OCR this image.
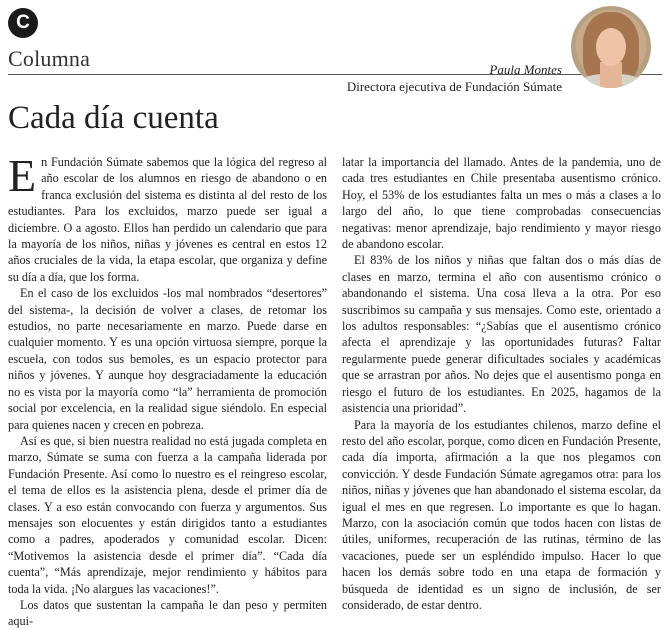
C
Columna	Paula Montes
Directora ejecutiva de Fundación Súmate
Cada día cuenta

En Fundación Súmate sabemos que la lógica del regreso al año escolar de los alumnos en riesgo de abandono o en franca exclusión del sistema es distinta al del resto de los estudiantes. Para los excluidos, marzo puede ser igual a diciembre. O a agosto. Ellos han perdido un calendario que para la mayoría de los niños, niñas y jóvenes es central en estos 12 años cruciales de la vida, la etapa escolar, que organiza y define su día a día, que los forma.

En el caso de los excluidos -los mal nombrados “desertores” del sistema-, la decisión de volver a clases, de retomar los estudios, no parte necesariamente en marzo. Puede darse en cualquier momento. Y es una opción virtuosa siempre, porque la escuela, con todos sus bemoles, es un espacio protector para niños y jóvenes. Y aunque hoy desgraciadamente la educación no es vista por la mayoría como “la” herramienta de promoción social por excelencia, en la realidad sigue siéndolo. En especial para quienes nacen y crecen en pobreza.

Así es que, si bien nuestra realidad no está jugada completa en marzo, Súmate se suma con fuerza a la campaña liderada por Fundación Presente. Así como lo nuestro es el reingreso escolar, el tema de ellos es la asistencia plena, desde el primer día de clases. Y a eso están convocando con fuerza y argumentos. Sus mensajes son elocuentes y están dirigidos tanto a estudiantes como a padres, apoderados y comunidad escolar. Dicen: “Motivemos la asistencia desde el primer día”. “Cada día cuenta”, “Más aprendizaje, mejor rendimiento y hábitos para toda la vida. ¡No alargues las vacaciones!”.

Los datos que sustentan la campaña le dan peso y permiten aqui-

latar la importancia del llamado. Antes de la pandemia, uno de cada tres estudiantes en Chile presentaba ausentismo crónico. Hoy, el 53% de los estudiantes falta un mes o más a clases a lo largo del año, lo que tiene comprobadas consecuencias negativas: menor aprendizaje, bajo rendimiento y mayor riesgo de abandono escolar.

El 83% de los niños y niñas que faltan dos o más días de clases en marzo, termina el año con ausentismo crónico o abandonando el sistema. Una cosa lleva a la otra. Por eso suscribimos su campaña y sus mensajes. Como este, orientado a los adultos responsables: “¿Sabías que el ausentismo crónico afecta el aprendizaje y las oportunidades futuras? Faltar regularmente puede generar dificultades sociales y académicas que se arrastran por años. No dejes que el ausentismo ponga en riesgo el futuro de los estudiantes. En 2025, hagamos de la asistencia una prioridad”.

Para la mayoría de los estudiantes chilenos, marzo define el resto del año escolar, porque, como dicen en Fundación Presente, cada día importa, afirmación a la que nos plegamos con convicción. Y desde Fundación Súmate agregamos otra: para los niños, niñas y jóvenes que han abandonado el sistema escolar, da igual el mes en que regresen. Lo importante es que lo hagan. Marzo, con la asociación común que todos hacen con listas de útiles, uniformes, recuperación de las rutinas, término de las vacaciones, puede ser un espléndido impulso. Hacer lo que hacen los demás sobre todo en una etapa de formación y búsqueda de identidad es un signo de inclusión, de ser considerado, de estar dentro.
